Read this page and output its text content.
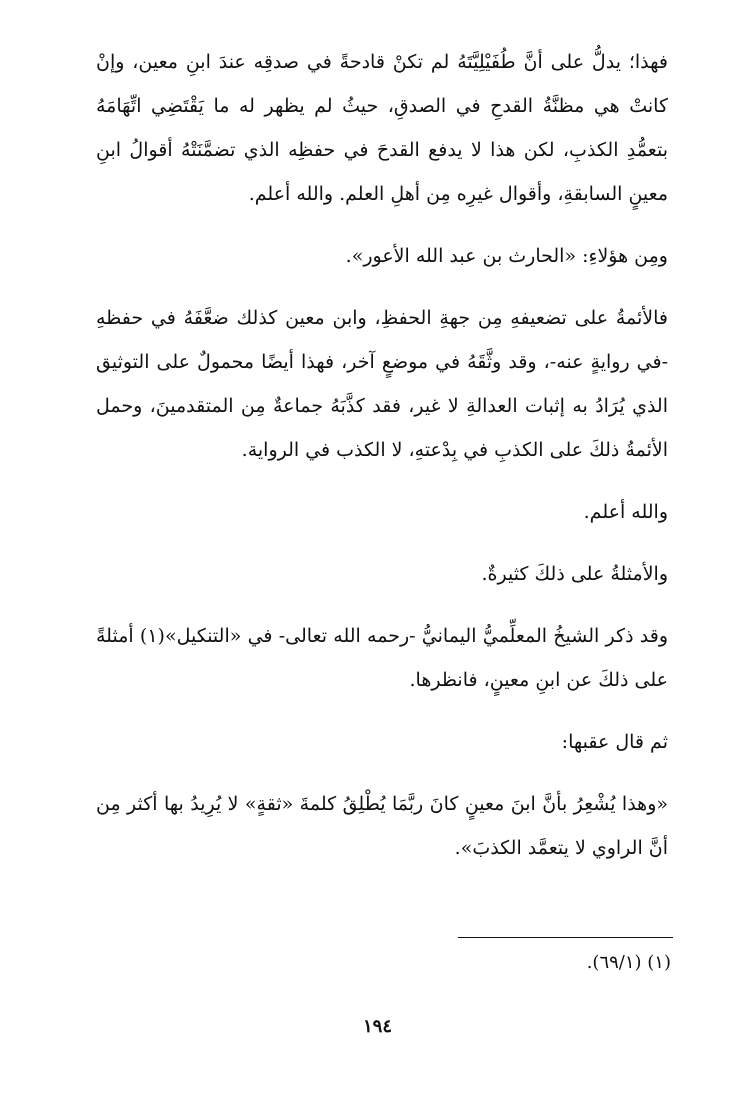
فهذا؛ يدلُّ على أنَّ طُفَيْلِيَّتَهُ لم تكنْ قادحةً في صدقِه عندَ ابنِ معين، وإنْ كانتْ هي مظنَّةُ القدحِ في الصدقِ، حيثُ لم يظهر له ما يَقْتَضِي اتِّهَامَهُ بتعمُّدِ الكذبِ، لكن هذا لا يدفع القدحَ في حفظِه الذي تضمَّنَتْهُ أقوالُ ابنِ معينٍ السابقةِ، وأقوال غيرِه مِن أهلِ العلم. والله أعلم.

ومِن هؤلاءِ: «الحارث بن عبد الله الأعور».

فالأئمةُ على تضعيفهِ مِن جهةِ الحفظِ، وابن معين كذلك ضعَّفَهُ في حفظهِ -في روايةٍ عنه-، وقد وثَّقَهُ في موضعٍ آخر، فهذا أيضًا محمولٌ على التوثيق الذي يُرَادُ به إثبات العدالةِ لا غير، فقد كذَّبَهُ جماعةٌ مِن المتقدمينَ، وحمل الأئمةُ ذلكَ على الكذبِ في بِدْعتهِ، لا الكذب في الرواية.

والله أعلم.

والأمثلةُ على ذلكَ كثيرةٌ.

وقد ذكر الشيخُ المعلِّميُّ اليمانيُّ -رحمه الله تعالى- في «التنكيل»(١) أمثلةً على ذلكَ عن ابنِ معينٍ، فانظرها.

ثم قال عقبها:

«وهذا يُشْعِرُ بأنَّ ابنَ معينٍ كانَ ربَّمَا يُطْلِقُ كلمةَ «ثقةٍ» لا يُرِيدُ بها أكثر مِن أنَّ الراوي لا يتعمَّد الكذبَ».

(١) (٦٩/١).
١٩٤
